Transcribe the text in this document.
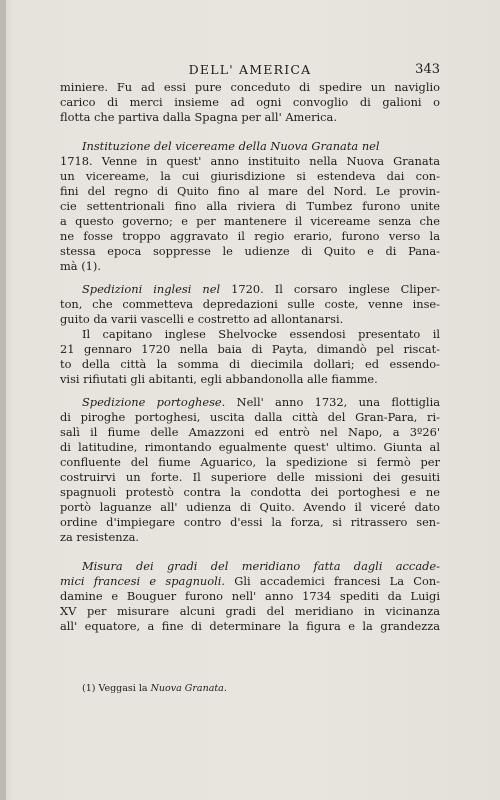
DELL' AMERICA	343
miniere. Fu ad essi pure conceduto di spedire un naviglio
carico di merci insieme ad ogni convoglio di galioni o
flotta che partiva dalla Spagna per all' America.
Instituzione del vicereame della Nuova Granata nel
1718. Venne in quest' anno instituito nella Nuova Granata
un vicereame, la cui giurisdizione si estendeva dai con-
fini del regno di Quito fino al mare del Nord. Le provin-
cie settentrionali fino alla riviera di Tumbez furono unite
a questo governo; e per mantenere il vicereame senza che
ne fosse troppo aggravato il regio erario, furono verso la
stessa epoca soppresse le udienze di Quito e di Pana-
mà (1).
Spedizioni inglesi nel 1720. Il corsaro inglese Cliper-
ton, che commetteva depredazioni sulle coste, venne inse-
guito da varii vascelli e costretto ad allontanarsi.
Il capitano inglese Shelvocke essendosi presentato il
21 gennaro 1720 nella baia di Payta, dimandò pel riscat-
to della città la somma di diecimila dollari; ed essendo-
visi rifiutati gli abitanti, egli abbandonolla alle fiamme.
Spedizione portoghese. Nell' anno 1732, una flottiglia
di piroghe portoghesi, uscita dalla città del Gran-Para, ri-
salì il fiume delle Amazzoni ed entrò nel Napo, a 3º26'
di latitudine, rimontando egualmente quest' ultimo. Giunta al
confluente del fiume Aguarico, la spedizione si fermò per
costruirvi un forte. Il superiore delle missioni dei gesuiti
spagnuoli protestò contra la condotta dei portoghesi e ne
portò laguanze all' udienza di Quito. Avendo il viceré dato
ordine d'impiegare contro d'essi la forza, si ritrassero sen-
za resistenza.
Misura dei gradi del meridiano fatta dagli accade-
mici francesi e spagnuoli. Gli accademici francesi La Con-
damine e Bouguer furono nell' anno 1734 spediti da Luigi
XV per misurare alcuni gradi del meridiano in vicinanza
all' equatore, a fine di determinare la figura e la grandezza
(1) Veggasi la Nuova Granata.
